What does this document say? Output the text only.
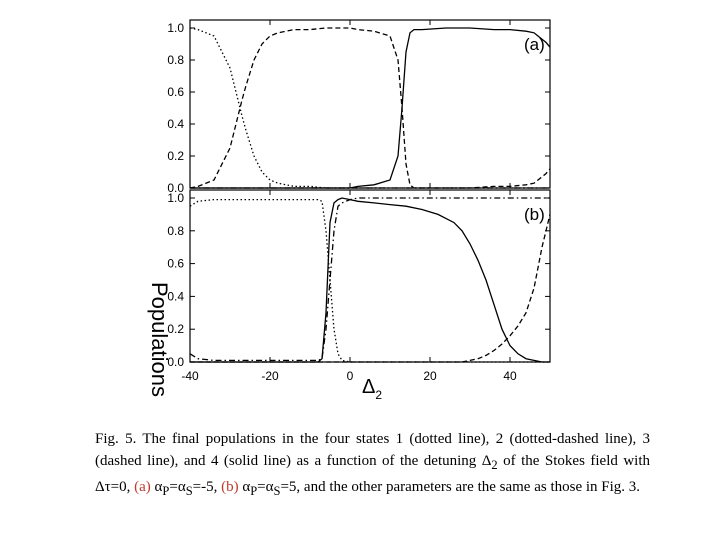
0.0
0.2
0.4
0.6
0.8
1.0
(a)
0.0
0.2
0.4
0.6
0.8
1.0
-40	-20	0	20	40
(b)
Populations	$\Delta_2$
Fig. 5. The final populations in the four states 1 (dotted line), 2 (dotted-dashed line), 3 (dashed line), and 4 (solid line) as a function of the detuning $\Delta_2$ of the Stokes field with Δτ=0, (a) $\alpha_P=\alpha_S=-5$, (b) $\alpha_P=\alpha_S=5$, and the other parameters are the same as those in Fig. 3.
